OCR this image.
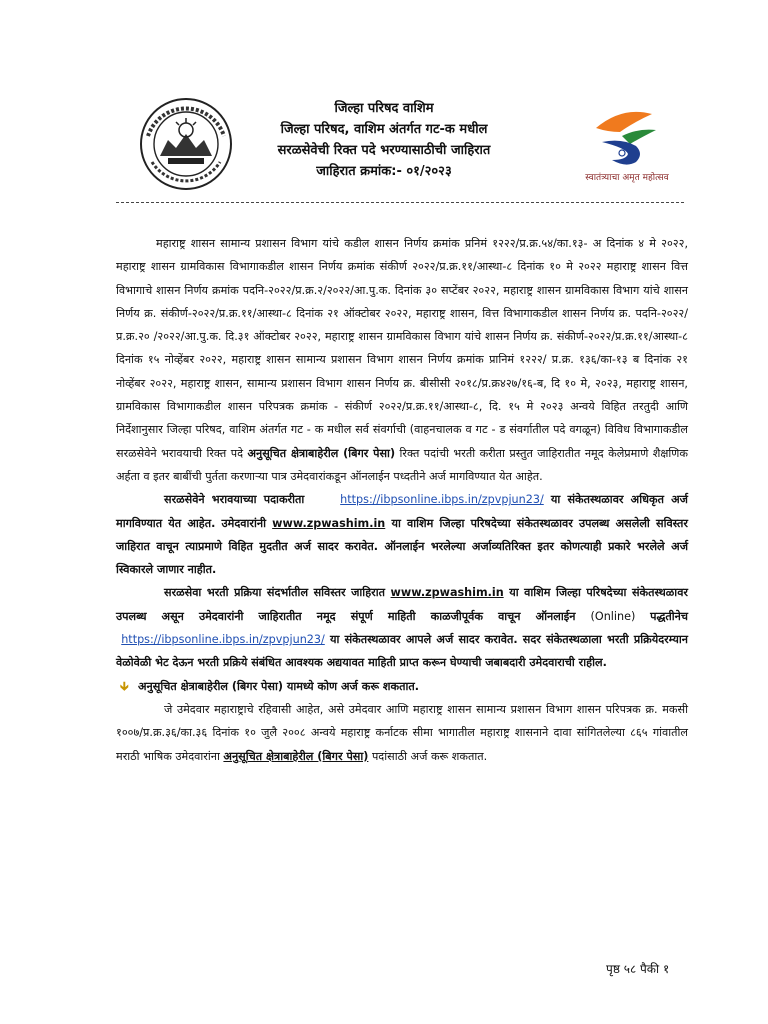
जिल्हा परिषद वाशिम
जिल्हा परिषद, वाशिम अंतर्गत गट-क मधील
सरळसेवेची रिक्त पदे भरण्यासाठीची जाहिरात
जाहिरात क्रमांक:- ०१/२०२३	स्वातंत्र्याचा अमृत महोत्सव

महाराष्ट्र शासन सामान्य प्रशासन विभाग यांचे कडील शासन निर्णय क्रमांक प्रनिमं १२२२/प्र.क्र.५४/का.१३- अ दिनांक ४ मे २०२२, महाराष्ट्र शासन ग्रामविकास विभागाकडील शासन निर्णय क्रमांक संकीर्ण २०२२/प्र.क्र.११/आस्था-८ दिनांक १० मे २०२२ महाराष्ट्र शासन वित्त विभागाचे शासन निर्णय क्रमांक पदनि-२०२२/प्र.क्र.२/२०२२/आ.पु.क. दिनांक ३० सप्टेंबर २०२२, महाराष्ट्र शासन ग्रामविकास विभाग यांचे शासन निर्णय क्र. संकीर्ण-२०२२/प्र.क्र.११/आस्था-८ दिनांक २१ ऑक्टोबर २०२२, महाराष्ट्र शासन, वित्त विभागाकडील शासन निर्णय क्र. पदनि-२०२२/प्र.क्र.२० /२०२२/आ.पु.क. दि.३१ ऑक्टोबर २०२२, महाराष्ट्र शासन ग्रामविकास विभाग यांचे शासन निर्णय क्र. संकीर्ण-२०२२/प्र.क्र.११/आस्था-८ दिनांक १५ नोव्हेंबर २०२२, महाराष्ट्र शासन सामान्य प्रशासन विभाग शासन निर्णय क्रमांक प्रानिमं १२२२/ प्र.क्र. १३६/का-१३ ब दिनांक २१ नोव्हेंबर २०२२, महाराष्ट्र शासन, सामान्य प्रशासन विभाग शासन निर्णय क्र. बीसीसी २०१८/प्र.क्र४२७/१६-ब, दि १० मे, २०२३, महाराष्ट्र शासन, ग्रामविकास विभागाकडील शासन परिपत्रक क्रमांक - संकीर्ण २०२२/प्र.क्र.११/आस्था-८, दि. १५ मे २०२३ अन्वये विहित तरतुदी आणि निर्देशानुसार जिल्हा परिषद, वाशिम अंतर्गत गट - क मधील सर्व संवर्गाची (वाहनचालक व गट - ड संवर्गातील पदे वगळून) विविध विभागाकडील सरळसेवेने भरावयाची रिक्त पदे अनुसूचित क्षेत्राबाहेरील (बिगर पेसा) रिक्त पदांची भरती करीता प्रस्तुत जाहिरातीत नमूद केलेप्रमाणे शैक्षणिक अर्हता व इतर बाबींची पुर्तता करणाऱ्या पात्र उमेदवारांकडून ऑनलाईन पध्दतीने अर्ज मागविण्यात येत आहेत.

सरळसेवेने भरावयाच्या पदाकरीता	https://ibpsonline.ibps.in/zpvpjun23/ या संकेतस्थळावर अधिकृत अर्ज मागविण्यात येत आहेत. उमेदवारांनी www.zpwashim.in या वाशिम जिल्हा परिषदेच्या संकेतस्थळावर उपलब्ध असलेली सविस्तर जाहिरात वाचून त्याप्रमाणे विहित मुदतीत अर्ज सादर करावेत. ऑनलाईन भरलेल्या अर्जाव्यतिरिक्त इतर कोणत्याही प्रकारे भरलेले अर्ज स्विकारले जाणार नाहीत.

सरळसेवा भरती प्रक्रिया संदर्भातील सविस्तर जाहिरात www.zpwashim.in या वाशिम जिल्हा परिषदेच्या संकेतस्थळावर उपलब्ध असून उमेदवारांनी जाहिरातीत नमूद संपूर्ण माहिती काळजीपूर्वक वाचून ऑनलाईन (Online) पद्धतीनेच  https://ibpsonline.ibps.in/zpvpjun23/ या संकेतस्थळावर आपले अर्ज सादर करावेत. सदर संकेतस्थळाला भरती प्रक्रियेदरम्यान वेळोवेळी भेट देऊन भरती प्रक्रिये संबंधित आवश्यक अद्ययावत माहिती प्राप्त करून घेण्याची जबाबदारी उमेदवाराची राहील.

🡳 अनुसूचित क्षेत्राबाहेरील (बिगर पेसा) यामध्ये कोण अर्ज करू शकतात.

जे उमेदवार महाराष्ट्राचे रहिवासी आहेत, असे उमेदवार आणि महाराष्ट्र शासन सामान्य प्रशासन विभाग शासन परिपत्रक क्र. मकसी १००७/प्र.क्र.३६/का.३६ दिनांक १० जुलै २००८ अन्वये महाराष्ट्र कर्नाटक सीमा भागातील महाराष्ट्र शासनाने दावा सांगितलेल्या ८६५ गांवातील मराठी भाषिक उमेदवारांना अनुसूचित क्षेत्राबाहेरील (बिगर पेसा) पदांसाठी अर्ज करू शकतात.

पृष्ठ ५८ पैकी १
